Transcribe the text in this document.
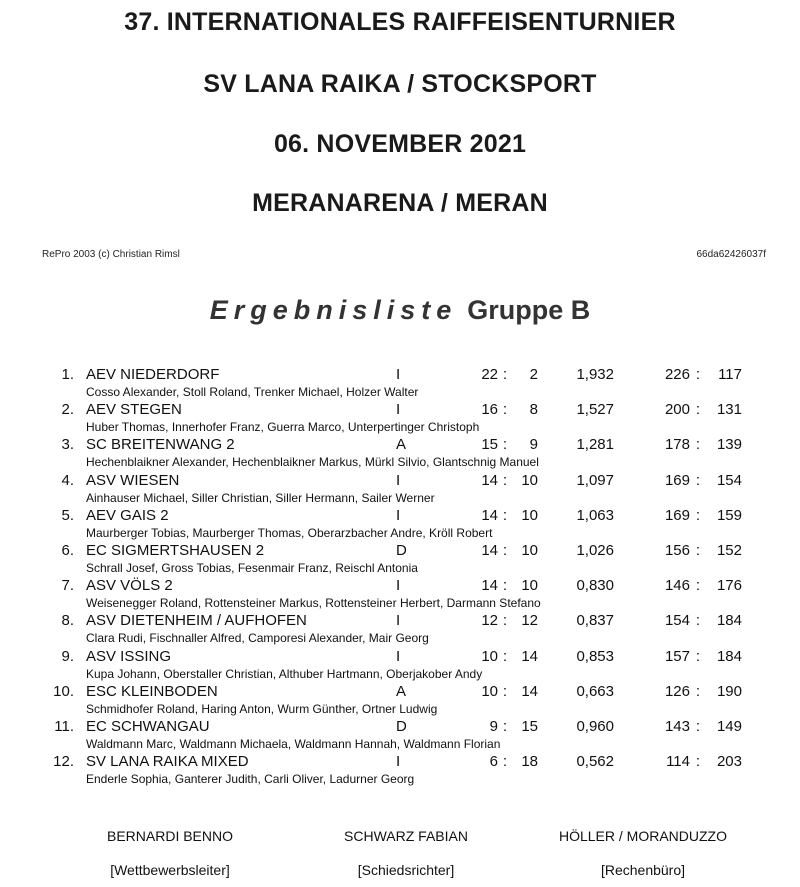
37. INTERNATIONALES RAIFFEISENTURNIER
SV LANA RAIKA / STOCKSPORT
06. NOVEMBER 2021
MERANARENA / MERAN
RePro 2003 (c) Christian Rimsl	66da62426037f
Ergebnisliste Gruppe B
1. AEV NIEDERDORF	I	22 :	2	1,932	226 :	117
Cosso Alexander, Stoll Roland, Trenker Michael, Holzer Walter
2. AEV STEGEN	I	16 :	8	1,527	200 :	131
Huber Thomas, Innerhofer Franz, Guerra Marco, Unterpertinger Christoph
3. SC BREITENWANG 2	A	15 :	9	1,281	178 :	139
Hechenblaikner Alexander, Hechenblaikner Markus, Mürkl Silvio, Glantschnig Manuel
4. ASV WIESEN	I	14 : 10	1,097	169 :	154
Ainhauser Michael, Siller Christian, Siller Hermann, Sailer Werner
5. AEV GAIS 2	I	14 : 10	1,063	169 :	159
Maurberger Tobias, Maurberger Thomas, Oberarzbacher Andre, Kröll Robert
6. EC SIGMERTSHAUSEN 2	D	14 : 10	1,026	156 :	152
Schrall Josef, Gross Tobias, Fesenmair Franz, Reischl Antonia
7. ASV VÖLS 2	I	14 : 10	0,830	146 :	176
Weisenegger Roland, Rottensteiner Markus, Rottensteiner Herbert, Darmann Stefano
8. ASV DIETENHEIM / AUFHOFEN	I	12 : 12	0,837	154 :	184
Clara Rudi, Fischnaller Alfred, Camporesi Alexander, Mair Georg
9. ASV ISSING	I	10 : 14	0,853	157 :	184
Kupa Johann, Oberstaller Christian, Althuber Hartmann, Oberjakober Andy
10. ESC KLEINBODEN	A	10 : 14	0,663	126 :	190
Schmidhofer Roland, Haring Anton, Wurm Günther, Ortner Ludwig
11. EC SCHWANGAU	D	9 : 15	0,960	143 :	149
Waldmann Marc, Waldmann Michaela, Waldmann Hannah, Waldmann Florian
12. SV LANA RAIKA MIXED	I	6 : 18	0,562	114 :	203
Enderle Sophia, Ganterer Judith, Carli Oliver, Ladurner Georg
BERNARDI BENNO	SCHWARZ FABIAN	HÖLLER / MORANDUZZO
[Wettbewerbsleiter]	[Schiedsrichter]	[Rechenbüro]
